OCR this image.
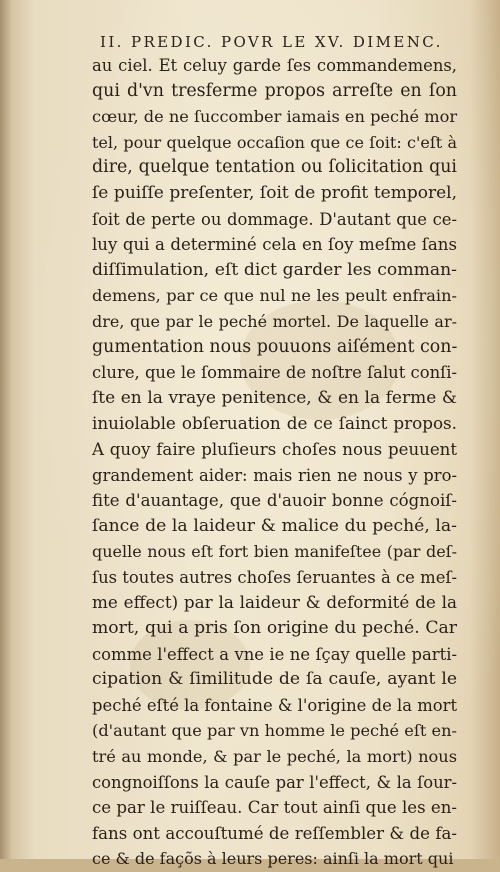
II. PREDIC. POVR LE XV. DIMENC.
au ciel. Et celuy garde ſes commandemens,
qui d'vn tresferme propos arreſte en ſon
cœur, de ne ſuccomber iamais en peché mor
tel, pour quelque occaſion que ce ſoit: c'eſt à
dire, quelque tentation ou ſolicitation qui
ſe puiſſe preſenter, ſoit de profit temporel,
ſoit de perte ou dommage. D'autant que ce-
luy qui a determiné cela en ſoy meſme ſans
diſſimulation, eſt dict garder les comman-
demens, par ce que nul ne les peult enfrain-
dre, que par le peché mortel. De laquelle ar-
gumentation nous pouuons aiſément con-
clure, que le ſommaire de noſtre ſalut conſi-
ſte en la vraye penitence, & en la ferme &
inuiolable obſeruation de ce ſainct propos.
A quoy faire pluſieurs choſes nous peuuent
grandement aider: mais rien ne nous y pro-
fite d'auantage, que d'auoir bonne cógnoiſ-
ſance de la laideur & malice du peché, la-
quelle nous eſt fort bien manifeſtee (par deſ-
ſus toutes autres choſes ſeruantes à ce meſ-
me effect) par la laideur & deformité de la
mort, qui a pris ſon origine du peché. Car
comme l'effect a vne ie ne ſçay quelle parti-
cipation & ſimilitude de ſa cauſe, ayant le
peché eſté la fontaine & l'origine de la mort
(d'autant que par vn homme le peché eſt en-
tré au monde, & par le peché, la mort) nous
congnoiſſons la cauſe par l'effect, & la ſour-
ce par le ruiſſeau. Car tout ainſi que les en-
fans ont accouſtumé de reſſembler & de fa-
ce & de façõs à leurs peres: ainſi la mort qui
